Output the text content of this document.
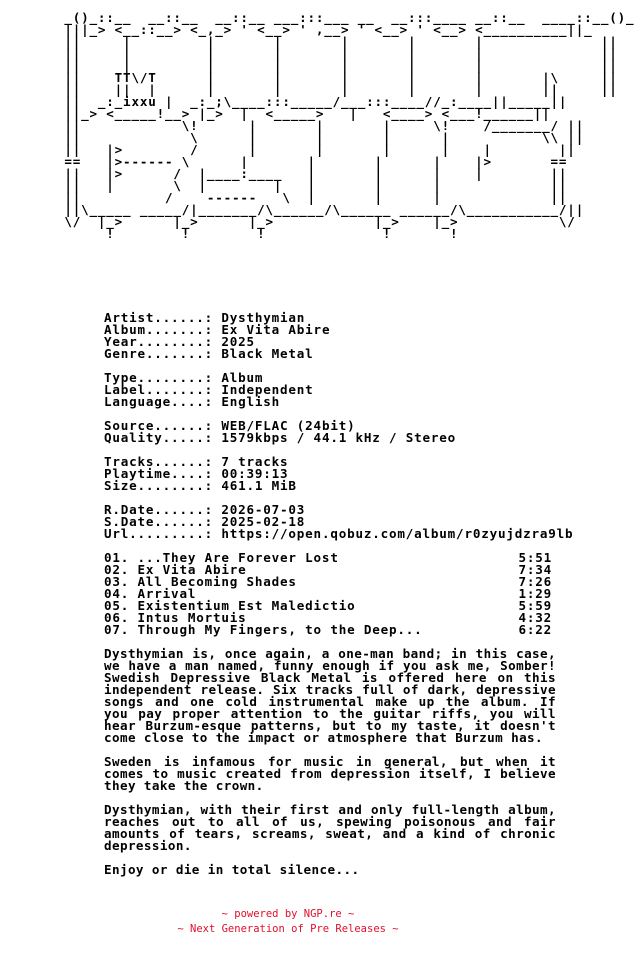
_()_::__  __::__  __::__ ___:::___ __  __:::____ __::__  ____::__()_
|||_> <__::__> <_,_> ' <__> ' ,__> ' <__> ' <__> <__________||_
||     |         |       |       |       |       |              ||
||     |         |       |       |       |       |              ||
||     |         |       |       |       |       |              ||
||    TT\/T      |       |       |       |       |       |\     ||
||    ||  |      |       |       |       |       |       ||     ||
||  _:_ixxu |  _:_;\____:::_____/___:::____//_:____||_____||
||_> <_____!__> |_>  |  <_____>   |   <____> <___!______||
||            \!      |       |       |     \!    /_______/ ||
||             \      |       |       |      |           \\ ||
||   |>        /      |       |       |      |    |        ||
==   |>------ \      |       |       |      |    |>       ==
||   |>      /  |____:____   |       |      |    |        ||
||   |       \  |        |   |       |      |             ||
||          /    ------   \  |       |      |             ||
||\_____ _____/|_______/\______/\______ ______/\___________/||
\/  |_>      |_>      |_>            |_>    |_>            \/
!        !        !              !       !
Artist......: Dysthymian
Album.......: Ex Vita Abire
Year........: 2025
Genre.......: Black Metal
Type........: Album
Label.......: Independent
Language....: English
Source......: WEB/FLAC (24bit)
Quality.....: 1579kbps / 44.1 kHz / Stereo
Tracks......: 7 tracks
Playtime....: 00:39:13
Size........: 461.1 MiB
R.Date......: 2026-07-03
S.Date......: 2025-02-18
Url.........: https://open.qobuz.com/album/r0zyujdzra9lb
01. ...They Are Forever Lost	5:51
02. Ex Vita Abire	7:34
03. All Becoming Shades	7:26
04. Arrival	1:29
05. Existentium Est Maledictio	5:59
06. Intus Mortuis	4:32
07. Through My Fingers, to the Deep...	6:22

Dysthymian is, once again, a one-man band; in this case, we have a man named, funny enough if you ask me, Somber! Swedish Depressive Black Metal is offered here on this independent release. Six tracks full of dark, depressive songs and one cold instrumental make up the album. If you pay proper attention to the guitar riffs, you will hear Burzum-esque patterns, but to my taste, it doesn't come close to the impact or atmosphere that Burzum has.

Sweden is infamous for music in general, but when it comes to music created from depression itself, I believe they take the crown.

Dysthymian, with their first and only full-length album, reaches out to all of us, spewing poisonous and fair amounts of tears, screams, sweat, and a kind of chronic depression.

Enjoy or die in total silence...

~ powered by NGP.re ~
~ Next Generation of Pre Releases ~
